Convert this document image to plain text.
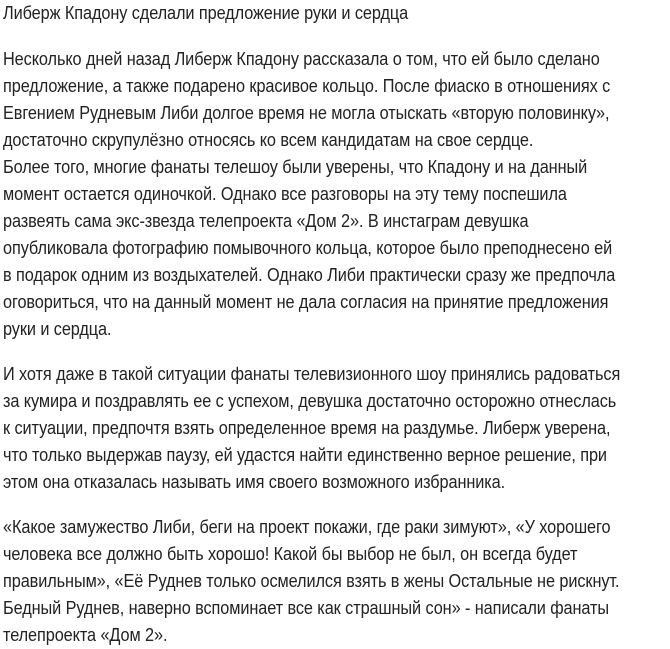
Либерж Кпадону сделали предложение руки и сердца

Несколько дней назад Либерж Кпадону рассказала о том, что ей было сделано
предложение, а также подарено красивое кольцо. После фиаско в отношениях с
Евгением Рудневым Либи долгое время не могла отыскать «вторую половинку»,
достаточно скрупулёзно относясь ко всем кандидатам на свое сердце.
Более того, многие фанаты телешоу были уверены, что Кпадону и на данный
момент остается одиночкой. Однако все разговоры на эту тему поспешила
развеять сама экс-звезда телепроекта «Дом 2». В инстаграм девушка
опубликовала фотографию помывочного кольца, которое было преподнесено ей
в подарок одним из воздыхателей. Однако Либи практически сразу же предпочла
оговориться, что на данный момент не дала согласия на принятие предложения
руки и сердца.

И хотя даже в такой ситуации фанаты телевизионного шоу принялись радоваться
за кумира и поздравлять ее с успехом, девушка достаточно осторожно отнеслась
к ситуации, предпочтя взять определенное время на раздумье. Либерж уверена,
что только выдержав паузу, ей удастся найти единственно верное решение, при
этом она отказалась называть имя своего возможного избранника.

«Какое замужество Либи, беги на проект покажи, где раки зимуют», «У хорошего
человека все должно быть хорошо! Какой бы выбор не был, он всегда будет
правильным», «Её Руднев только осмелился взять в жены Остальные не рискнут.
Бедный Руднев, наверно вспоминает все как страшный сон» - написали фанаты
телепроекта «Дом 2».
